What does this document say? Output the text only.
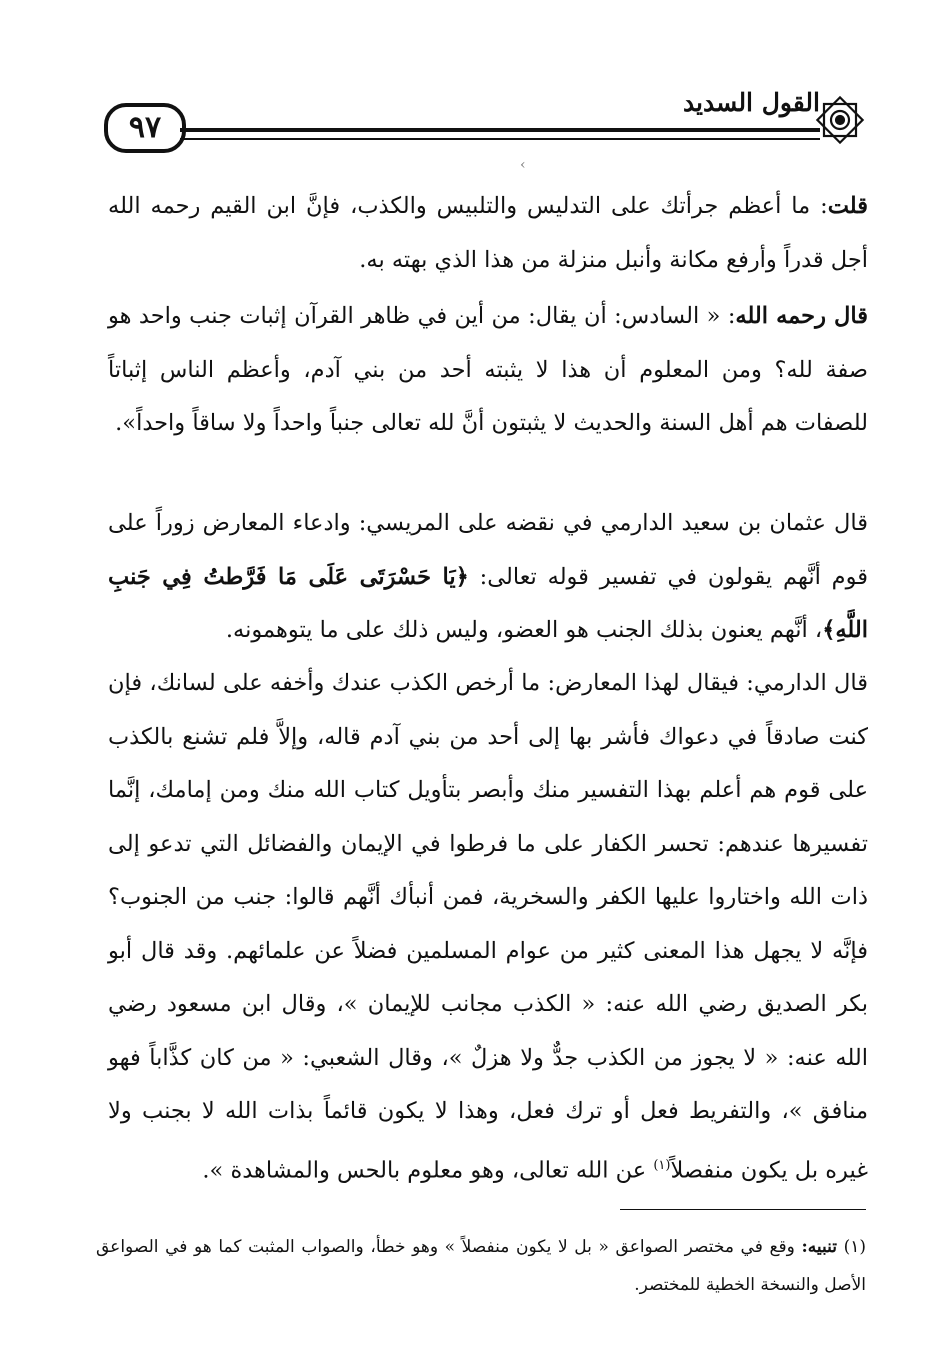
القول السديد
٩٧
‹
قلت: ما أعظم جرأتك على التدليس والتلبيس والكذب، فإنَّ ابن القيم رحمه الله أجل قدراً وأرفع مكانة وأنبل منزلة من هذا الذي بهته به.
قال رحمه الله: « السادس: أن يقال: من أين في ظاهر القرآن إثبات جنب واحد هو صفة لله؟ ومن المعلوم أن هذا لا يثبته أحد من بني آدم، وأعظم الناس إثباتاً للصفات هم أهل السنة والحديث لا يثبتون أنَّ لله تعالى جنباً واحداً ولا ساقاً واحداً».
قال عثمان بن سعيد الدارمي في نقضه على المريسي: وادعاء المعارض زوراً على قوم أنَّهم يقولون في تفسير قوله تعالى: ﴿يَا حَسْرَتَى عَلَى مَا فَرَّطتُ فِي جَنبِ اللَّهِ﴾، أنَّهم يعنون بذلك الجنب هو العضو، وليس ذلك على ما يتوهمونه.
قال الدارمي: فيقال لهذا المعارض: ما أرخص الكذب عندك وأخفه على لسانك، فإن كنت صادقاً في دعواك فأشر بها إلى أحد من بني آدم قاله، وإلاَّ فلم تشنع بالكذب على قوم هم أعلم بهذا التفسير منك وأبصر بتأويل كتاب الله منك ومن إمامك، إنَّما تفسيرها عندهم: تحسر الكفار على ما فرطوا في الإيمان والفضائل التي تدعو إلى ذات الله واختاروا عليها الكفر والسخرية، فمن أنبأك أنَّهم قالوا: جنب من الجنوب؟ فإنَّه لا يجهل هذا المعنى كثير من عوام المسلمين فضلاً عن علمائهم. وقد قال أبو بكر الصديق رضي الله عنه: « الكذب مجانب للإيمان »، وقال ابن مسعود رضي الله عنه: « لا يجوز من الكذب جدٌّ ولا هزلٌ »، وقال الشعبي: « من كان كذَّاباً فهو منافق »، والتفريط فعل أو ترك فعل، وهذا لا يكون قائماً بذات الله لا بجنب ولا غيره بل يكون منفصلاً$^{(١)}$ عن الله تعالى، وهو معلوم بالحس والمشاهدة ».
(١) تنبيه: وقع في مختصر الصواعق « بل لا يكون منفصلاً » وهو خطأ، والصواب المثبت كما هو في الصواعق الأصل والنسخة الخطية للمختصر.
